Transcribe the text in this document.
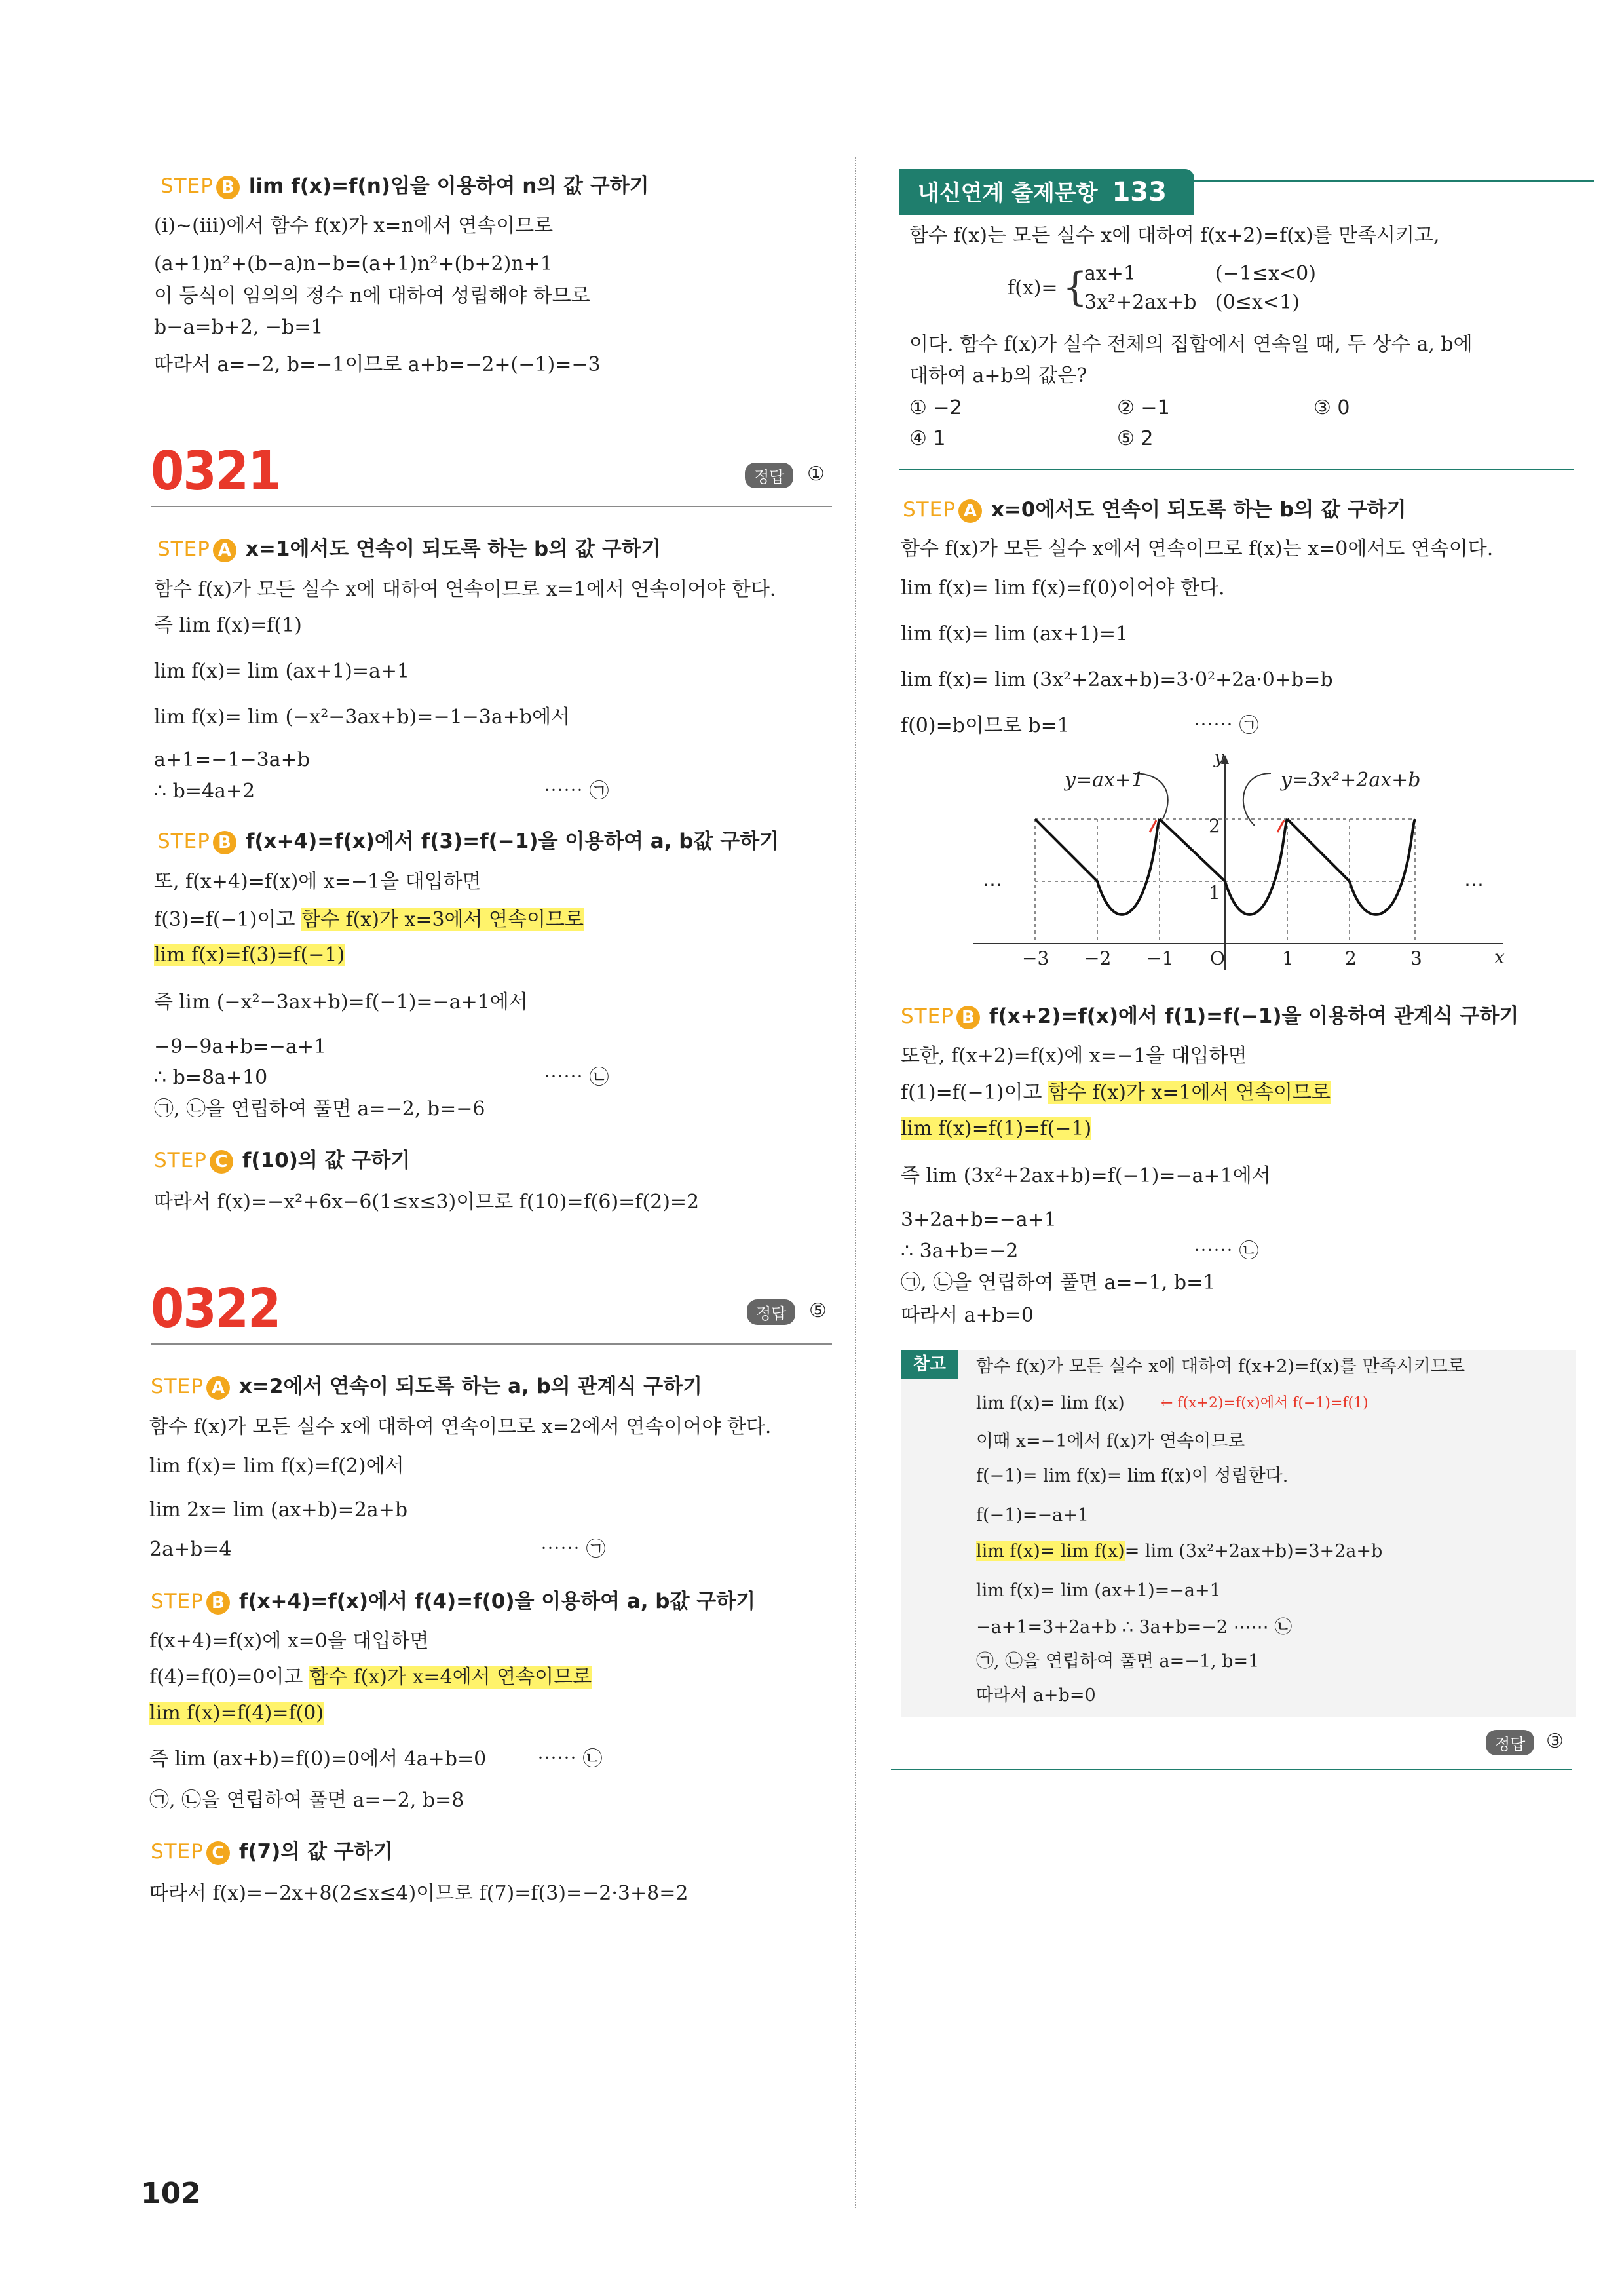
STEP B lim f(x)=f(n)임을 이용하여 n의 값 구하기
(ⅰ)~(ⅲ)에서 함수 f(x)가 x=n에서 연속이므로
(a+1)n²+(b−a)n−b=(a+1)n²+(b+2)n+1
이 등식이 임의의 정수 n에 대하여 성립해야 하므로
b−a=b+2, −b=1
따라서 a=−2, b=−1이므로 a+b=−2+(−1)=−3
0321	정답	①
STEP A x=1에서도 연속이 되도록 하는 b의 값 구하기
함수 f(x)가 모든 실수 x에 대하여 연속이므로 x=1에서 연속이어야 한다.
즉 lim f(x)=f(1)
lim f(x)= lim (ax+1)=a+1
lim f(x)= lim (−x²−3ax+b)=−1−3a+b에서
a+1=−1−3a+b
∴ b=4a+2	⋯⋯ ㉠
STEP B f(x+4)=f(x)에서 f(3)=f(−1)을 이용하여 a, b값 구하기
또, f(x+4)=f(x)에 x=−1을 대입하면
f(3)=f(−1)이고 함수 f(x)가 x=3에서 연속이므로
lim f(x)=f(3)=f(−1)
즉 lim (−x²−3ax+b)=f(−1)=−a+1에서
−9−9a+b=−a+1
∴ b=8a+10	⋯⋯ ㉡
㉠, ㉡을 연립하여 풀면 a=−2, b=−6
STEP C f(10)의 값 구하기
따라서 f(x)=−x²+6x−6(1≤x≤3)이므로 f(10)=f(6)=f(2)=2
0322	정답	⑤
STEP A x=2에서 연속이 되도록 하는 a, b의 관계식 구하기
함수 f(x)가 모든 실수 x에 대하여 연속이므로 x=2에서 연속이어야 한다.
lim f(x)= lim f(x)=f(2)에서
lim 2x= lim (ax+b)=2a+b
2a+b=4	⋯⋯ ㉠
STEP B f(x+4)=f(x)에서 f(4)=f(0)을 이용하여 a, b값 구하기
f(x+4)=f(x)에 x=0을 대입하면
f(4)=f(0)=0이고 함수 f(x)가 x=4에서 연속이므로
lim f(x)=f(4)=f(0)
즉 lim (ax+b)=f(0)=0에서 4a+b=0	⋯⋯ ㉡
㉠, ㉡을 연립하여 풀면 a=−2, b=8
STEP C f(7)의 값 구하기
따라서 f(x)=−2x+8(2≤x≤4)이므로 f(7)=f(3)=−2·3+8=2
102
내신연계 출제문항 133
함수 f(x)는 모든 실수 x에 대하여 f(x+2)=f(x)를 만족시키고,
f(x)= {
ax+1	(−1≤x<0)
3x²+2ax+b (0≤x<1)
이다. 함수 f(x)가 실수 전체의 집합에서 연속일 때, 두 상수 a, b에
대하여 a+b의 값은?
① −2	② −1	③ 0
④ 1	⑤ 2
STEP A x=0에서도 연속이 되도록 하는 b의 값 구하기
함수 f(x)가 모든 실수 x에서 연속이므로 f(x)는 x=0에서도 연속이다.
lim f(x)= lim f(x)=f(0)이어야 한다.
lim f(x)= lim (ax+1)=1
lim f(x)= lim (3x²+2ax+b)=3·0²+2a·0+b=b
f(0)=b이므로 b=1	⋯⋯ ㉠
y=ax+1	y=3x²+2ax+b
y
x
2
1
−3 −2 −1 O	1	2	3
⋯	⋯
STEP B f(x+2)=f(x)에서 f(1)=f(−1)을 이용하여 관계식 구하기
또한, f(x+2)=f(x)에 x=−1을 대입하면
f(1)=f(−1)이고 함수 f(x)가 x=1에서 연속이므로
lim f(x)=f(1)=f(−1)
즉 lim (3x²+2ax+b)=f(−1)=−a+1에서
3+2a+b=−a+1
∴ 3a+b=−2	⋯⋯ ㉡
㉠, ㉡을 연립하여 풀면 a=−1, b=1
따라서 a+b=0
참고	함수 f(x)가 모든 실수 x에 대하여 f(x+2)=f(x)를 만족시키므로
lim f(x)= lim f(x)	← f(x+2)=f(x)에서 f(−1)=f(1)
이때 x=−1에서 f(x)가 연속이므로
f(−1)= lim f(x)= lim f(x)이 성립한다.
f(−1)=−a+1
lim f(x)= lim f(x)= lim (3x²+2ax+b)=3+2a+b
lim f(x)= lim (ax+1)=−a+1
−a+1=3+2a+b ∴ 3a+b=−2 ⋯⋯ ㉡
㉠, ㉡을 연립하여 풀면 a=−1, b=1
따라서 a+b=0
정답	③
